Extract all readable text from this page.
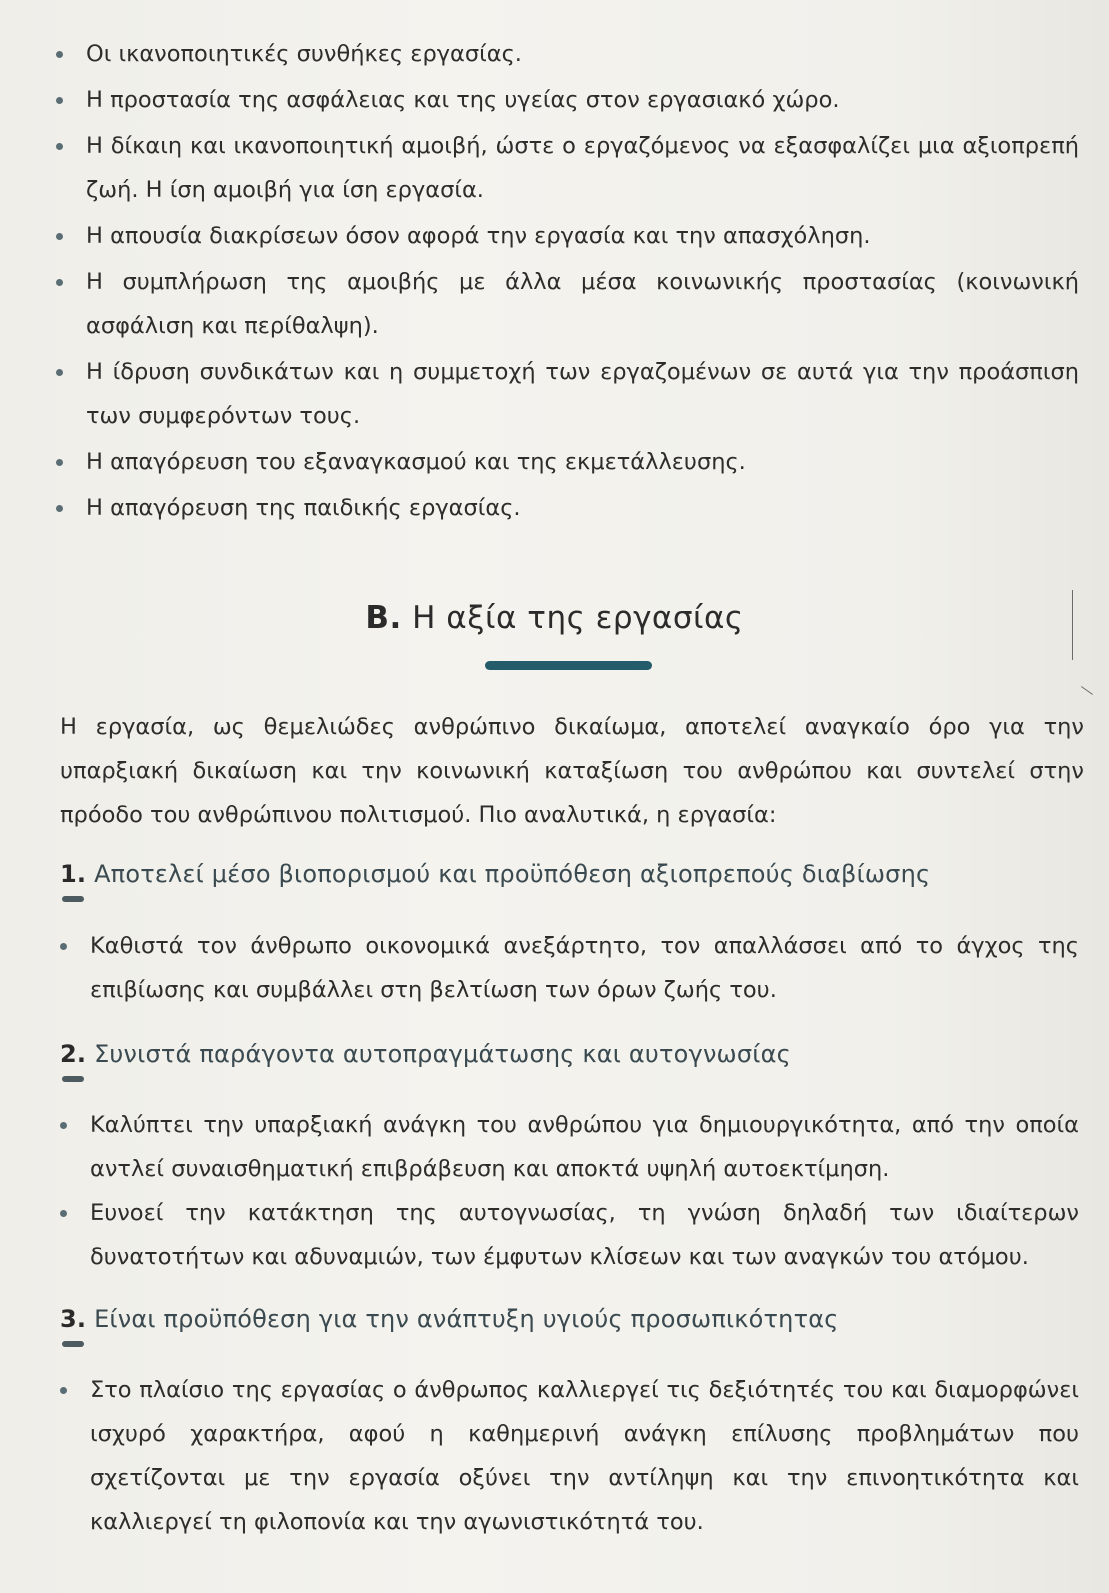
Οι ικανοποιητικές συνθήκες εργασίας.
Η προστασία της ασφάλειας και της υγείας στον εργασιακό χώρο.
Η δίκαιη και ικανοποιητική αμοιβή, ώστε ο εργαζόμενος να εξασφαλίζει μια αξιοπρεπή ζωή. Η ίση αμοιβή για ίση εργασία.
Η απουσία διακρίσεων όσον αφορά την εργασία και την απασχόληση.
Η συμπλήρωση της αμοιβής με άλλα μέσα κοινωνικής προστασίας (κοινωνική ασφάλιση και περίθαλψη).
Η ίδρυση συνδικάτων και η συμμετοχή των εργαζομένων σε αυτά για την προάσπιση των συμφερόντων τους.
Η απαγόρευση του εξαναγκασμού και της εκμετάλλευσης.
Η απαγόρευση της παιδικής εργασίας.
Β. Η αξία της εργασίας

Η εργασία, ως θεμελιώδες ανθρώπινο δικαίωμα, αποτελεί αναγκαίο όρο για την υπαρξιακή δικαίωση και την κοινωνική καταξίωση του ανθρώπου και συντελεί στην πρόοδο του ανθρώπινου πολιτισμού. Πιο αναλυτικά, η εργασία:

1. Αποτελεί μέσο βιοπορισμού και προϋπόθεση αξιοπρεπούς διαβίωσης
Καθιστά τον άνθρωπο οικονομικά ανεξάρτητο, τον απαλλάσσει από το άγχος της επιβίωσης και συμβάλλει στη βελτίωση των όρων ζωής του.
2. Συνιστά παράγοντα αυτοπραγμάτωσης και αυτογνωσίας
Καλύπτει την υπαρξιακή ανάγκη του ανθρώπου για δημιουργικότητα, από την οποία αντλεί συναισθηματική επιβράβευση και αποκτά υψηλή αυτοεκτίμηση.
Ευνοεί την κατάκτηση της αυτογνωσίας, τη γνώση δηλαδή των ιδιαίτερων δυνατοτήτων και αδυναμιών, των έμφυτων κλίσεων και των αναγκών του ατόμου.
3. Είναι προϋπόθεση για την ανάπτυξη υγιούς προσωπικότητας
Στο πλαίσιο της εργασίας ο άνθρωπος καλλιεργεί τις δεξιότητές του και διαμορφώνει ισχυρό χαρακτήρα, αφού η καθημερινή ανάγκη επίλυσης προβλημάτων που σχετίζονται με την εργασία οξύνει την αντίληψη και την επινοητικότητα και καλλιεργεί τη φιλοπονία και την αγωνιστικότητά του.
